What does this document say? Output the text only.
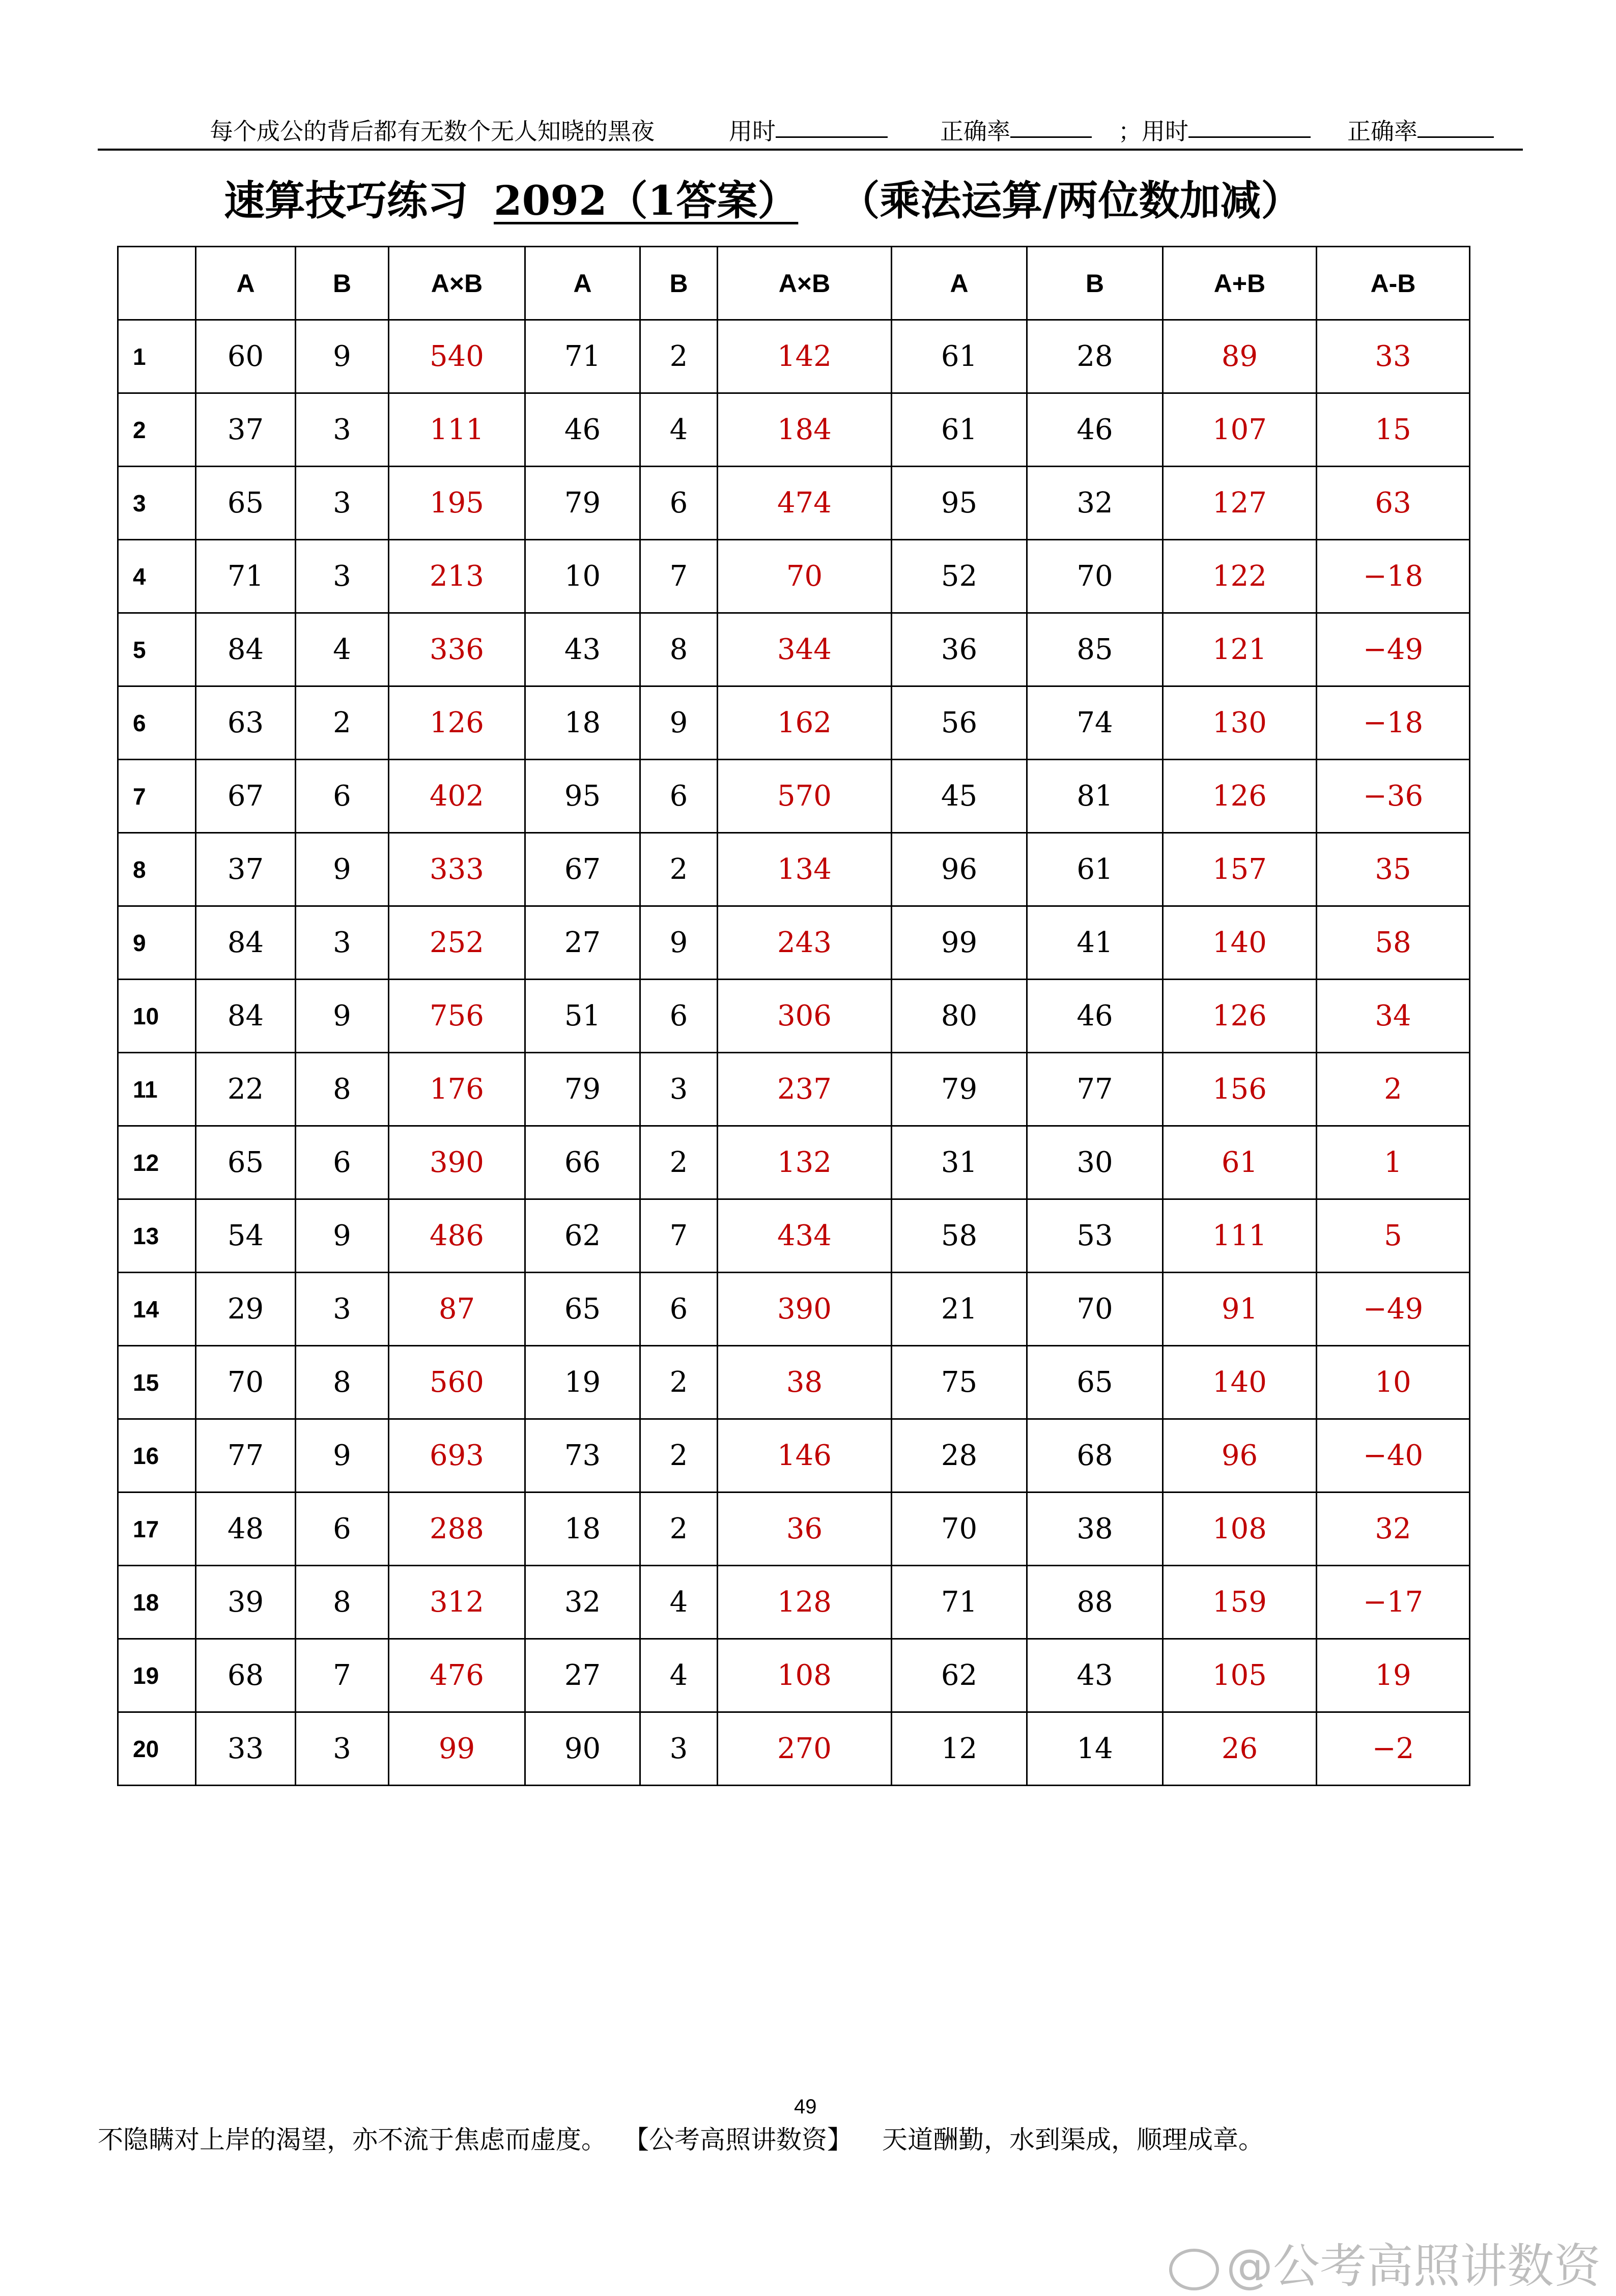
每个成公的背后都有无数个无人知晓的黑夜	用时	正确率	；用时	正确率
速算技巧练习 2092（1答案） （乘法运算/两位数加减）
	A	B	A×B	A	B	A×B	A	B	A+B	A-B
1	60	9	540	71	2	142	61	28	89	33
2	37	3	111	46	4	184	61	46	107	15
3	65	3	195	79	6	474	95	32	127	63
4	71	3	213	10	7	70	52	70	122	−18
5	84	4	336	43	8	344	36	85	121	−49
6	63	2	126	18	9	162	56	74	130	−18
7	67	6	402	95	6	570	45	81	126	−36
8	37	9	333	67	2	134	96	61	157	35
9	84	3	252	27	9	243	99	41	140	58
10	84	9	756	51	6	306	80	46	126	34
11	22	8	176	79	3	237	79	77	156	2
12	65	6	390	66	2	132	31	30	61	1
13	54	9	486	62	7	434	58	53	111	5
14	29	3	87	65	6	390	21	70	91	−49
15	70	8	560	19	2	38	75	65	140	10
16	77	9	693	73	2	146	28	68	96	−40
17	48	6	288	18	2	36	70	38	108	32
18	39	8	312	32	4	128	71	88	159	−17
19	68	7	476	27	4	108	62	43	105	19
20	33	3	99	90	3	270	12	14	26	−2
49
不隐瞒对上岸的渴望，亦不流于焦虑而虚度。 【公考高照讲数资】 天道酬勤，水到渠成，顺理成章。
@公考高照讲数资
